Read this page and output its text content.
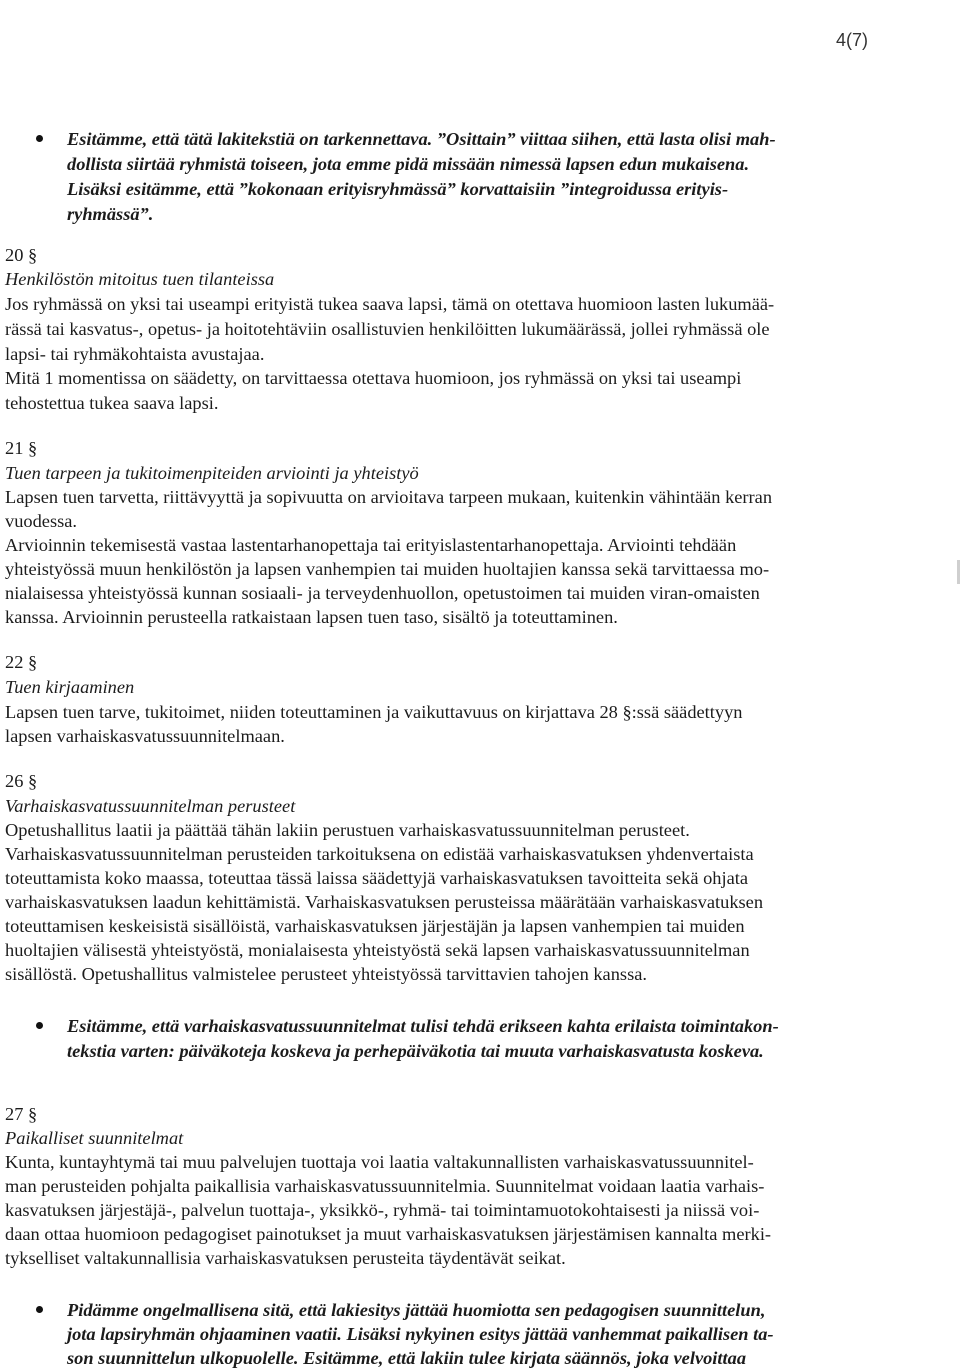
4(7)
Esitämme, että tätä lakitekstiä on tarkennettava. ”Osittain” viittaa siihen, että lasta olisi mah-
dollista siirtää ryhmistä toiseen, jota emme pidä missään nimessä lapsen edun mukaisena.
Lisäksi esitämme, että ”kokonaan erityisryhmässä” korvattaisiin ”integroidussa erityis-
ryhmässä”.
20 §
Henkilöstön mitoitus tuen tilanteissa
Jos ryhmässä on yksi tai useampi erityistä tukea saava lapsi, tämä on otettava huomioon lasten lukumää-
rässä tai kasvatus-, opetus- ja hoitotehtäviin osallistuvien henkilöitten lukumäärässä, jollei ryhmässä ole
lapsi- tai ryhmäkohtaista avustajaa.
Mitä 1 momentissa on säädetty, on tarvittaessa otettava huomioon, jos ryhmässä on yksi tai useampi
tehostettua tukea saava lapsi.
21 §
Tuen tarpeen ja tukitoimenpiteiden arviointi ja yhteistyö
Lapsen tuen tarvetta, riittävyyttä ja sopivuutta on arvioitava tarpeen mukaan, kuitenkin vähintään kerran
vuodessa.
Arvioinnin tekemisestä vastaa lastentarhanopettaja tai erityislastentarhanopettaja. Arviointi tehdään
yhteistyössä muun henkilöstön ja lapsen vanhempien tai muiden huoltajien kanssa sekä tarvittaessa mo-
nialaisessa yhteistyössä kunnan sosiaali- ja terveydenhuollon, opetustoimen tai muiden viran-omaisten
kanssa. Arvioinnin perusteella ratkaistaan lapsen tuen taso, sisältö ja toteuttaminen.
22 §
Tuen kirjaaminen
Lapsen tuen tarve, tukitoimet, niiden toteuttaminen ja vaikuttavuus on kirjattava 28 §:ssä säädettyyn
lapsen varhaiskasvatussuunnitelmaan.
26 §
Varhaiskasvatussuunnitelman perusteet
Opetushallitus laatii ja päättää tähän lakiin perustuen varhaiskasvatussuunnitelman perusteet.
Varhaiskasvatussuunnitelman perusteiden tarkoituksena on edistää varhaiskasvatuksen yhdenvertaista
toteuttamista koko maassa, toteuttaa tässä laissa säädettyjä varhaiskasvatuksen tavoitteita sekä ohjata
varhaiskasvatuksen laadun kehittämistä. Varhaiskasvatuksen perusteissa määrätään varhaiskasvatuksen
toteuttamisen keskeisistä sisällöistä, varhaiskasvatuksen järjestäjän ja lapsen vanhempien tai muiden
huoltajien välisestä yhteistyöstä, monialaisesta yhteistyöstä sekä lapsen varhaiskasvatussuunnitelman
sisällöstä. Opetushallitus valmistelee perusteet yhteistyössä tarvittavien tahojen kanssa.
Esitämme, että varhaiskasvatussuunnitelmat tulisi tehdä erikseen kahta erilaista toimintakon-
tekstia varten: päiväkoteja koskeva ja perhepäiväkotia tai muuta varhaiskasvatusta koskeva.
27 §
Paikalliset suunnitelmat
Kunta, kuntayhtymä tai muu palvelujen tuottaja voi laatia valtakunnallisten varhaiskasvatussuunnitel-
man perusteiden pohjalta paikallisia varhaiskasvatussuunnitelmia. Suunnitelmat voidaan laatia varhais-
kasvatuksen järjestäjä-, palvelun tuottaja-, yksikkö-, ryhmä- tai toimintamuotokohtaisesti ja niissä voi-
daan ottaa huomioon pedagogiset painotukset ja muut varhaiskasvatuksen järjestämisen kannalta merki-
tykselliset valtakunnallisia varhaiskasvatuksen perusteita täydentävät seikat.
Pidämme ongelmallisena sitä, että lakiesitys jättää huomiotta sen pedagogisen suunnittelun,
jota lapsiryhmän ohjaaminen vaatii. Lisäksi nykyinen esitys jättää vanhemmat paikallisen ta-
son suunnittelun ulkopuolelle. Esitämme, että lakiin tulee kirjata säännös, joka velvoittaa
